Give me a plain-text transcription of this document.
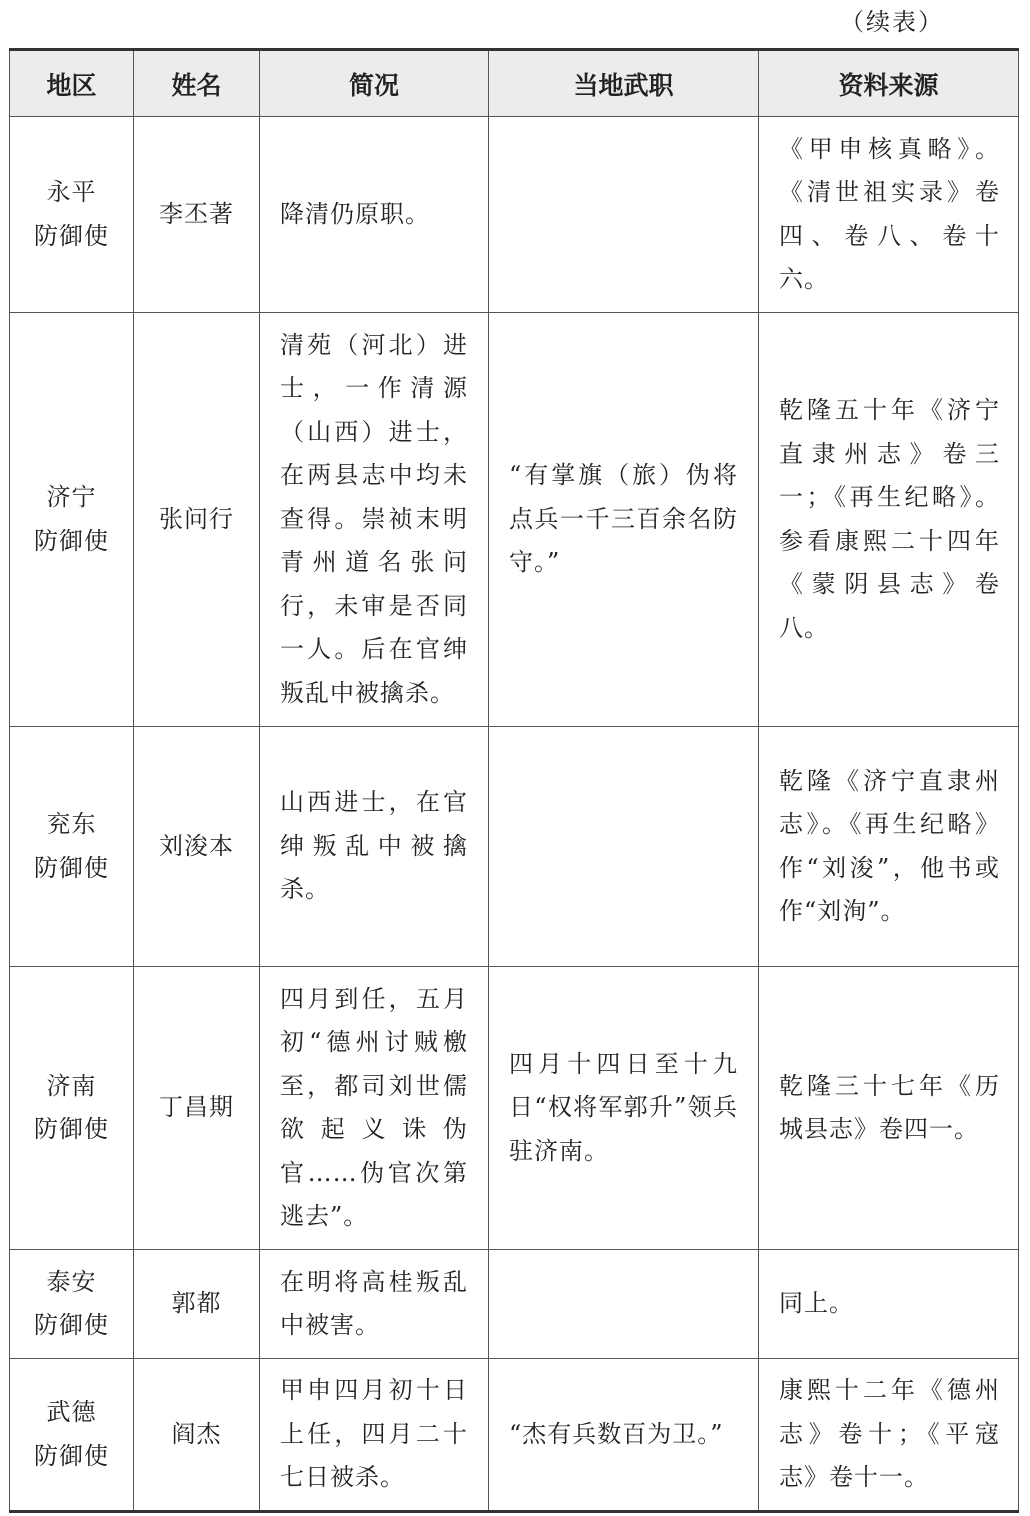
（续表）
地区	姓名	简况	当地武职	资料来源
永平
防御使	李丕著	降清仍原职。		《甲申核真略》。《清世祖实录》卷四、卷八、卷十六。
济宁
防御使	张问行	清苑（河北）进士，一作清源（山西）进士，在两县志中均未查得。崇祯末明青州道名张问行，未审是否同一人。后在官绅叛乱中被擒杀。	“有掌旗（旅）伪将点兵一千三百余名防守。”	乾隆五十年《济宁直隶州志》卷三一；《再生纪略》。参看康熙二十四年《蒙阴县志》卷八。
兖东
防御使	刘浚本	山西进士，在官绅叛乱中被擒杀。		乾隆《济宁直隶州志》。《再生纪略》作“刘浚”，他书或作“刘洵”。
济南
防御使	丁昌期	四月到任，五月初“德州讨贼檄至，都司刘世儒欲起义诛伪官……伪官次第逃去”。	四月十四日至十九日“权将军郭升”领兵驻济南。	乾隆三十七年《历城县志》卷四一。
泰安
防御使	郭都	在明将高桂叛乱中被害。		同上。
武德
防御使	阎杰	甲申四月初十日上任，四月二十七日被杀。	“杰有兵数百为卫。”	康熙十二年《德州志》卷十；《平寇志》卷十一。
